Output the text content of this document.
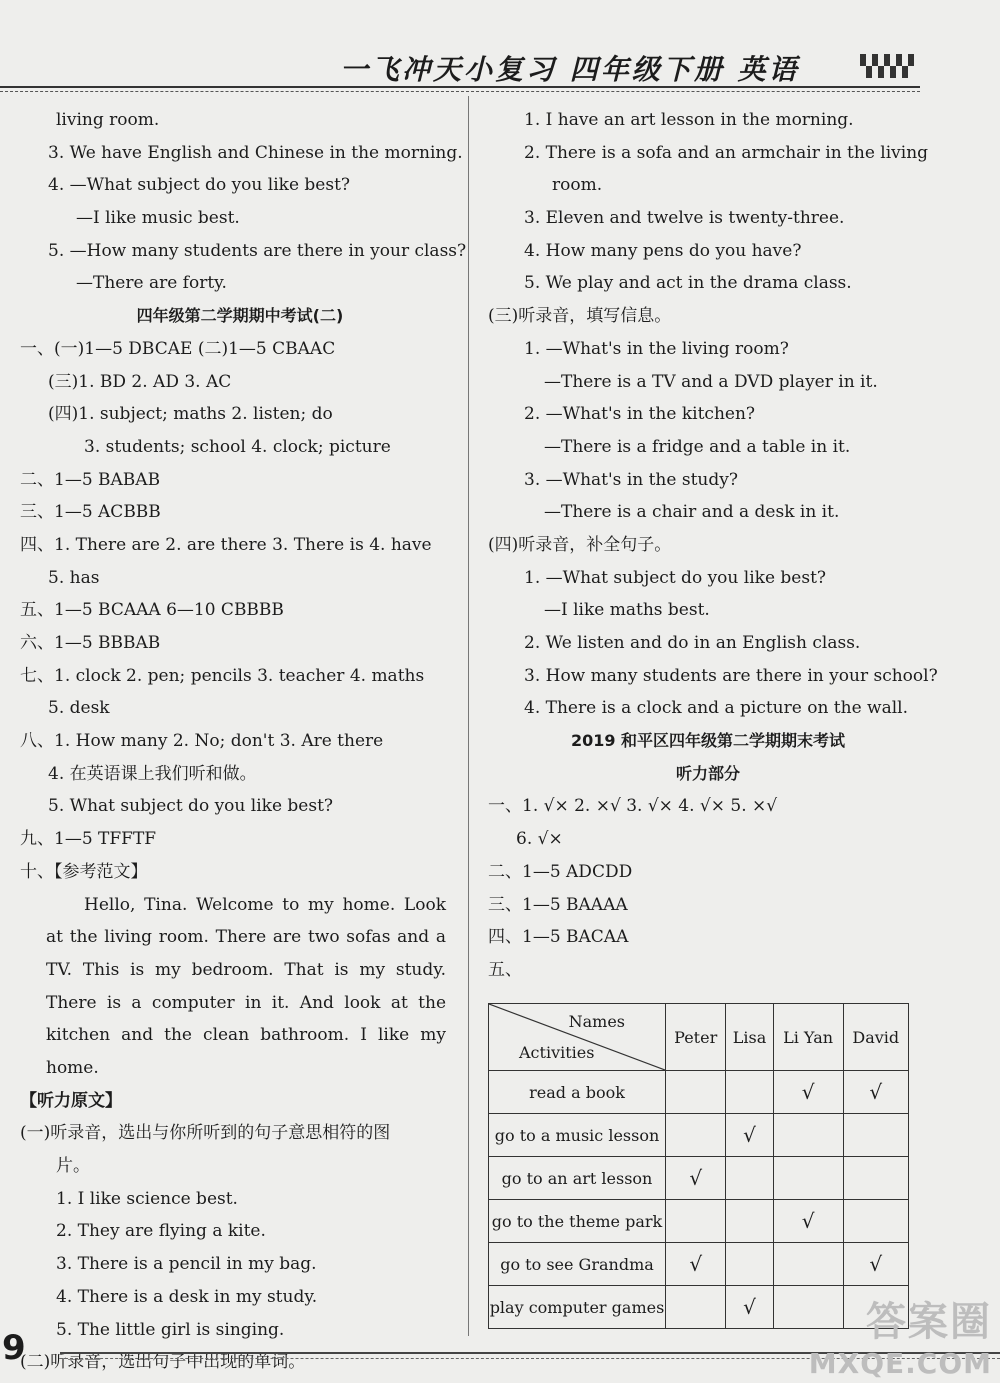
一飞冲天小复习 四年级下册 英语
living room.
3. We have English and Chinese in the morning.
4. —What subject do you like best?
—I like music best.
5. —How many students are there in your class?
—There are forty.
四年级第二学期期中考试(二)
一、(一)1—5 DBCAE (二)1—5 CBAAC
(三)1. BD 2. AD 3. AC
(四)1. subject; maths 2. listen; do
3. students; school 4. clock; picture
二、1—5 BABAB
三、1—5 ACBBB
四、1. There are 2. are there 3. There is 4. have
5. has
五、1—5 BCAAA 6—10 CBBBB
六、1—5 BBBAB
七、1. clock 2. pen; pencils 3. teacher 4. maths
5. desk
八、1. How many 2. No; don't 3. Are there
4. 在英语课上我们听和做。
5. What subject do you like best?
九、1—5 TFFTF
十、【参考范文】
Hello, Tina. Welcome to my home. Look at the living room. There are two sofas and a TV. This is my bedroom. That is my study. There is a computer in it. And look at the kitchen and the clean bathroom. I like my home.
【听力原文】
(一)听录音，选出与你所听到的句子意思相符的图
片。
1. I like science best.
2. They are flying a kite.
3. There is a pencil in my bag.
4. There is a desk in my study.
5. The little girl is singing.
(二)听录音，选出句子中出现的单词。
1. I have an art lesson in the morning.
2. There is a sofa and an armchair in the living
room.
3. Eleven and twelve is twenty-three.
4. How many pens do you have?
5. We play and act in the drama class.
(三)听录音，填写信息。
1. —What's in the living room?
—There is a TV and a DVD player in it.
2. —What's in the kitchen?
—There is a fridge and a table in it.
3. —What's in the study?
—There is a chair and a desk in it.
(四)听录音，补全句子。
1. —What subject do you like best?
—I like maths best.
2. We listen and do in an English class.
3. How many students are there in your school?
4. There is a clock and a picture on the wall.
2019 和平区四年级第二学期期末考试
听力部分
一、1. √× 2. ×√ 3. √× 4. √× 5. ×√
6. √×
二、1—5 ADCDD
三、1—5 BAAAA
四、1—5 BACAA
五、
Names
Activities	Peter	Lisa	Li Yan	David
read a book			√	√
go to a music lesson		√		
go to an art lesson	√			
go to the theme park			√	
go to see Grandma	√			√
play computer games		√		
9
答案圈
MXQE.COM
